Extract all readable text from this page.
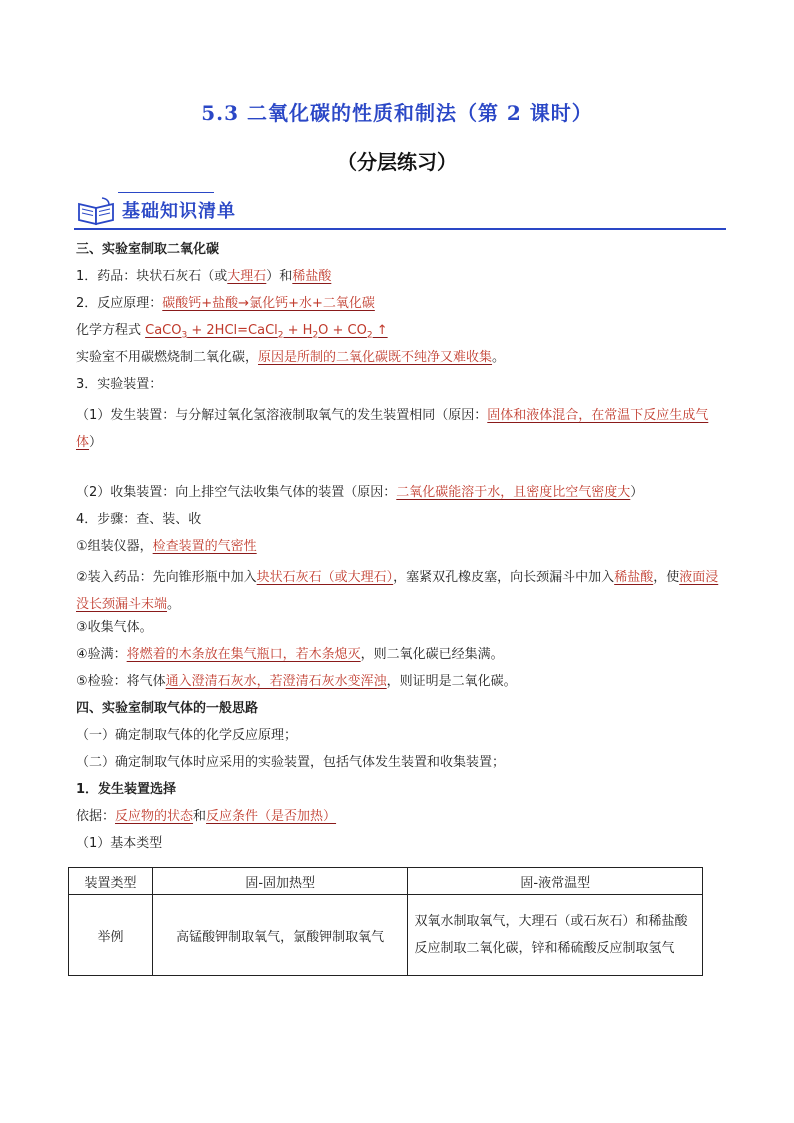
5.3 二氧化碳的性质和制法（第 2 课时）
（分层练习）
基础知识清单
三、实验室制取二氧化碳
1．药品：块状石灰石（或大理石）和稀盐酸
2．反应原理：碳酸钙+盐酸→氯化钙+水+二氧化碳
化学方程式 CaCO$_3$ + 2HCl=CaCl$_2$ + $H_2O + CO_2$ ↑
实验室不用碳燃烧制二氧化碳，原因是所制的二氧化碳既不纯净又难收集。
3．实验装置：
（1）发生装置：与分解过氧化氢溶液制取氧气的发生装置相同（原因：固体和液体混合，在常温下反应生成气体）
（2）收集装置：向上排空气法收集气体的装置（原因：二氧化碳能溶于水，且密度比空气密度大）
4．步骤：查、装、收
①组装仪器，检查装置的气密性
②装入药品：先向锥形瓶中加入块状石灰石（或大理石），塞紧双孔橡皮塞，向长颈漏斗中加入稀盐酸，使液面浸没长颈漏斗末端。
③收集气体。
④验满：将燃着的木条放在集气瓶口，若木条熄灭，则二氧化碳已经集满。
⑤检验：将气体通入澄清石灰水，若澄清石灰水变浑浊，则证明是二氧化碳。
四、实验室制取气体的一般思路
（一）确定制取气体的化学反应原理；
（二）确定制取气体时应采用的实验装置，包括气体发生装置和收集装置；
1．发生装置选择
依据：反应物的状态和反应条件（是否加热）
（1）基本类型
装置类型	固-固加热型	固-液常温型
举例	高锰酸钾制取氧气，氯酸钾制取氧气	双氧水制取氧气，大理石（或石灰石）和稀盐酸反应制取二氧化碳，锌和稀硫酸反应制取氢气
